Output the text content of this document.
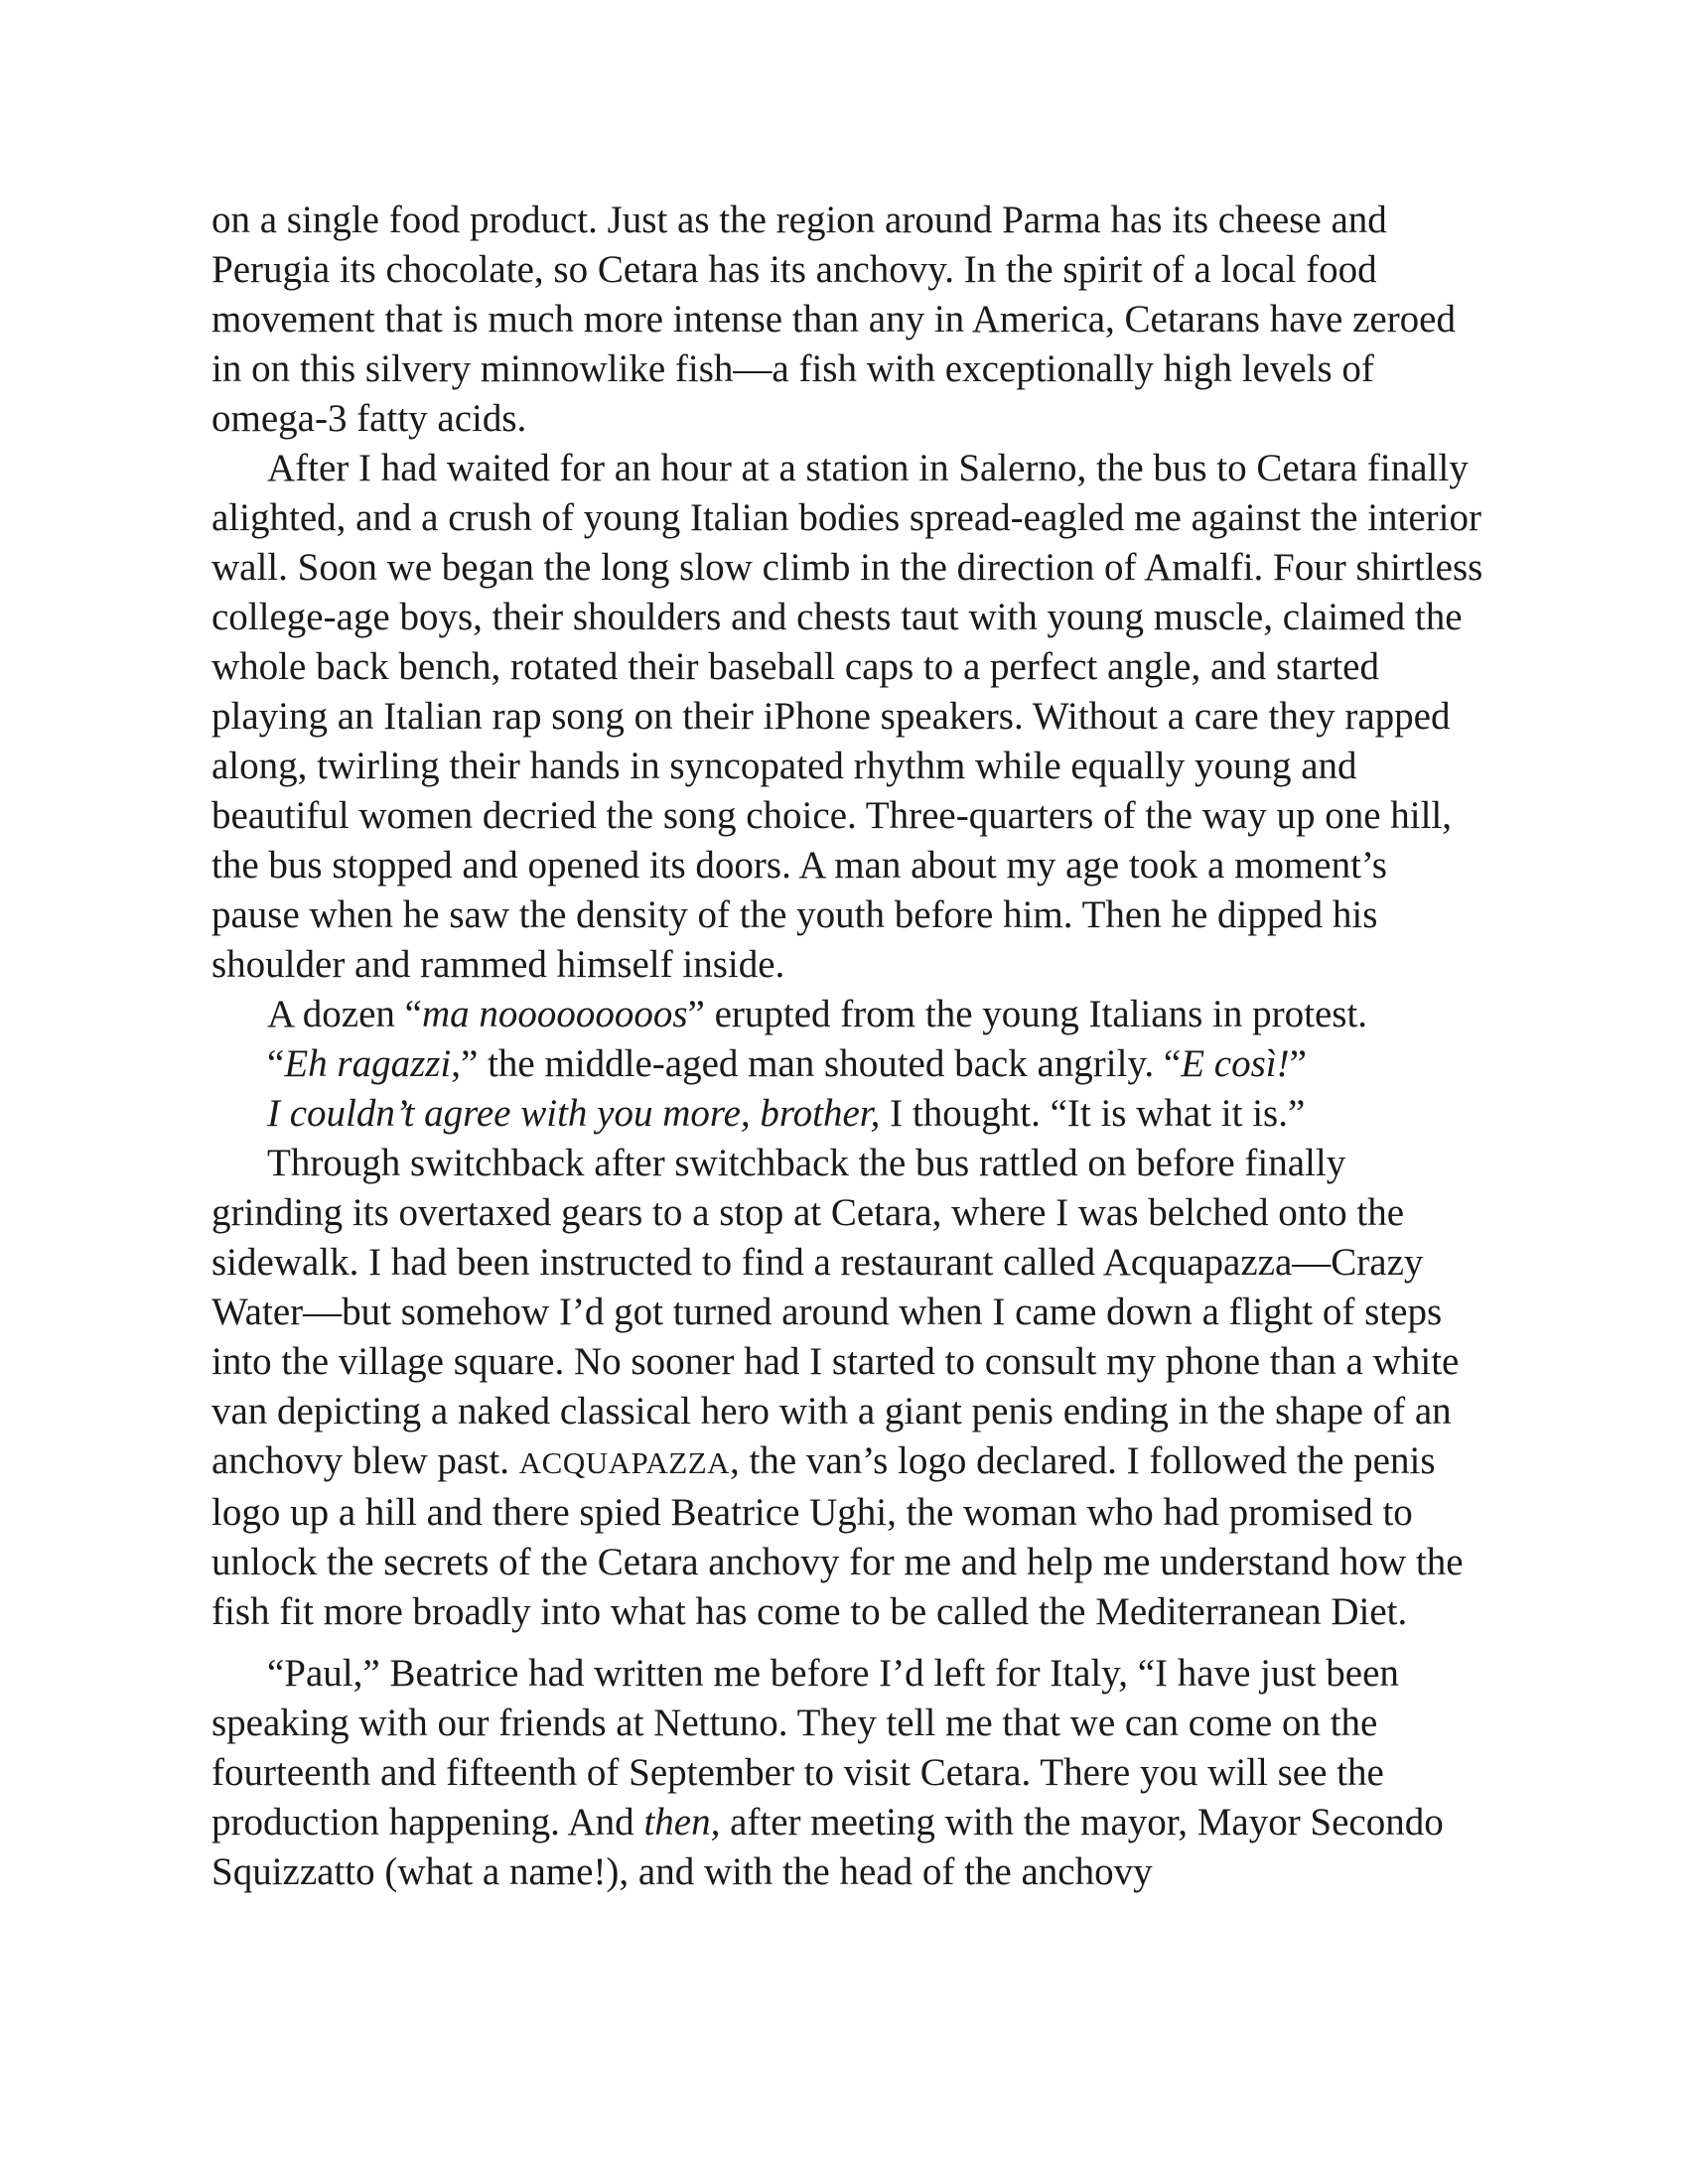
on a single food product. Just as the region around Parma has its cheese and Perugia its chocolate, so Cetara has its anchovy. In the spirit of a local food movement that is much more intense than any in America, Cetarans have zeroed in on this silvery minnowlike fish—a fish with exceptionally high levels of omega-3 fatty acids.

After I had waited for an hour at a station in Salerno, the bus to Cetara finally alighted, and a crush of young Italian bodies spread-eagled me against the interior wall. Soon we began the long slow climb in the direction of Amalfi. Four shirtless college-age boys, their shoulders and chests taut with young muscle, claimed the whole back bench, rotated their baseball caps to a perfect angle, and started playing an Italian rap song on their iPhone speakers. Without a care they rapped along, twirling their hands in syncopated rhythm while equally young and beautiful women decried the song choice. Three-quarters of the way up one hill, the bus stopped and opened its doors. A man about my age took a moment’s pause when he saw the density of the youth before him. Then he dipped his shoulder and rammed himself inside.

A dozen “ma nooooooooos” erupted from the young Italians in protest.

“Eh ragazzi,” the middle-aged man shouted back angrily. “E così!”

I couldn’t agree with you more, brother, I thought. “It is what it is.”

Through switchback after switchback the bus rattled on before finally grinding its overtaxed gears to a stop at Cetara, where I was belched onto the sidewalk. I had been instructed to find a restaurant called Acquapazza—Crazy Water—but somehow I’d got turned around when I came down a flight of steps into the village square. No sooner had I started to consult my phone than a white van depicting a naked classical hero with a giant penis ending in the shape of an anchovy blew past. ACQUAPAZZA, the van’s logo declared. I followed the penis logo up a hill and there spied Beatrice Ughi, the woman who had promised to unlock the secrets of the Cetara anchovy for me and help me understand how the fish fit more broadly into what has come to be called the Mediterranean Diet.

“Paul,” Beatrice had written me before I’d left for Italy, “I have just been speaking with our friends at Nettuno. They tell me that we can come on the fourteenth and fifteenth of September to visit Cetara. There you will see the production happening. And then, after meeting with the mayor, Mayor Secondo Squizzatto (what a name!), and with the head of the anchovy
